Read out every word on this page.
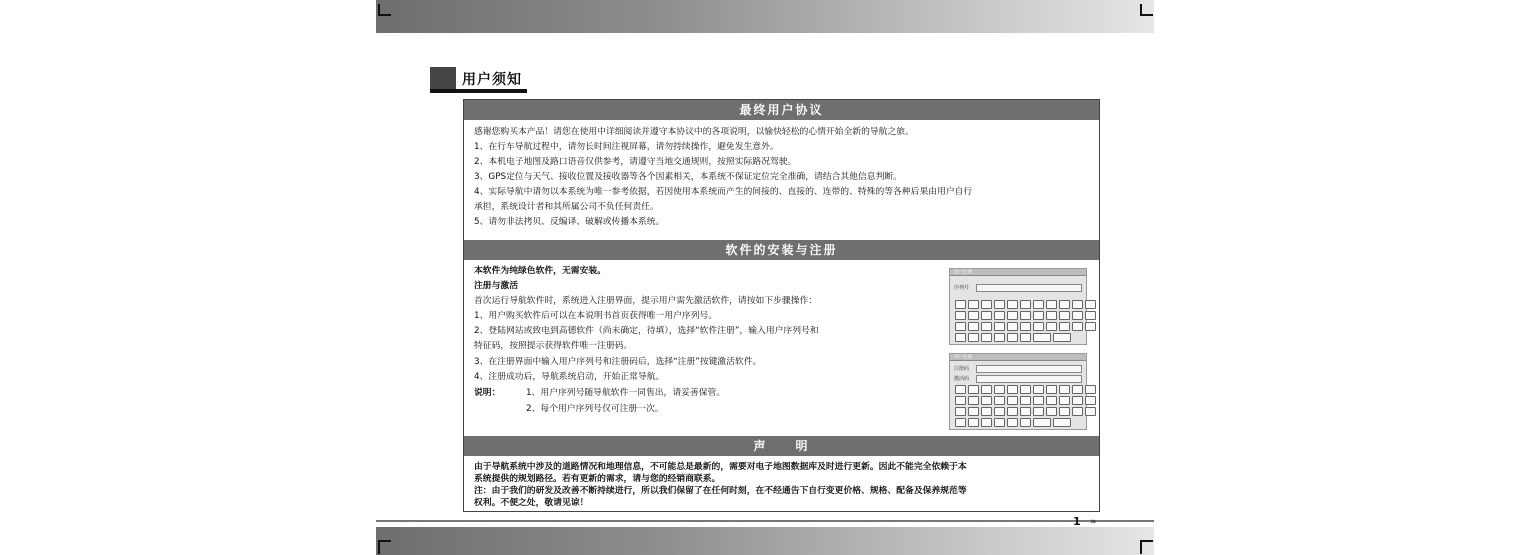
用户须知
最终用户协议
感谢您购买本产品！请您在使用中详细阅读并遵守本协议中的各项说明，以愉快轻松的心情开始全新的导航之旅。
1、在行车导航过程中，请勿长时间注视屏幕，请勿持续操作，避免发生意外。
2、本机电子地图及路口语音仅供参考，请遵守当地交通规则，按照实际路况驾驶。
3、GPS定位与天气、接收位置及接收器等各个因素相关，本系统不保证定位完全准确，请结合其他信息判断。
4、实际导航中请勿以本系统为唯一参考依据，若因使用本系统而产生的间接的、直接的、连带的、特殊的等各种后果由用户自行
承担，系统设计者和其所属公司不负任何责任。
5、请勿非法拷贝、反编译、破解或传播本系统。
软件的安装与注册
本软件为纯绿色软件，无需安装。
注册与激活
首次运行导航软件时，系统进入注册界面，提示用户需先激活软件，请按如下步骤操作：
1、用户购买软件后可以在本说明书首页获得唯一用户序列号。
2、登陆网站或致电到高德软件（尚未确定，待填），选择“软件注册”，输入用户序列号和
特征码，按照提示获得软件唯一注册码。
3、在注册界面中输入用户序列号和注册码后，选择“注册”按键激活软件。
4、注册成功后，导航系统启动，开始正常导航。
说明：	1、用户序列号随导航软件一同售出，请妥善保管。
2、每个用户序列号仅可注册一次。
用户注册
序列号
用户注册
注册码
激活码
声　　明
由于导航系统中涉及的道路情况和地理信息，不可能总是最新的，需要对电子地图数据库及时进行更新。因此不能完全依赖于本
系统提供的规划路径。若有更新的需求，请与您的经销商联系。
注：由于我们的研发及改善不断持续进行，所以我们保留了在任何时刻，在不经通告下自行变更价格、规格、配备及保养规范等
权利。不便之处，敬请见谅！
1 ›››
